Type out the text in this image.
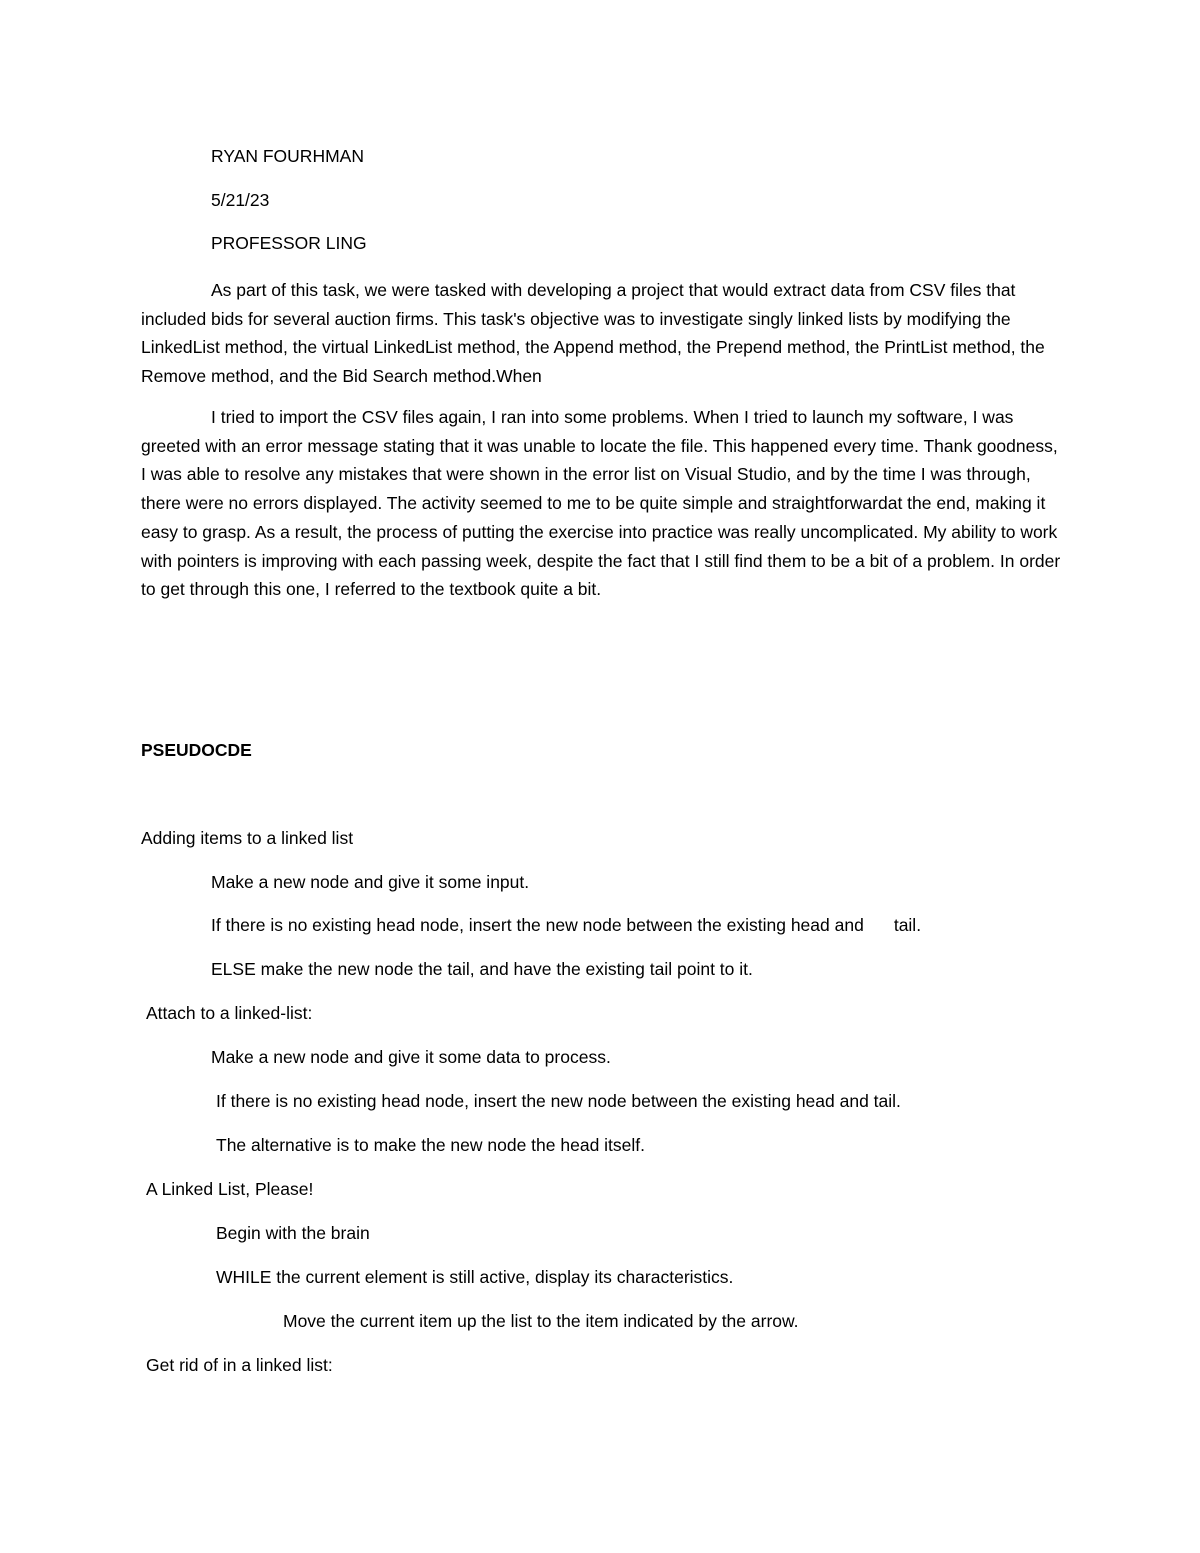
RYAN FOURHMAN
5/21/23
PROFESSOR LING

As part of this task, we were tasked with developing a project that would extract data from CSV files that included bids for several auction firms. This task's objective was to investigate singly linked lists by modifying the LinkedList method, the virtual LinkedList method, the Append method, the Prepend method, the PrintList method, the Remove method, and the Bid Search method.When

I tried to import the CSV files again, I ran into some problems. When I tried to launch my software, I was greeted with an error message stating that it was unable to locate the file. This happened every time. Thank goodness, I was able to resolve any mistakes that were shown in the error list on Visual Studio, and by the time I was through, there were no errors displayed. The activity seemed to me to be quite simple and straightforwardat the end, making it easy to grasp. As a result, the process of putting the exercise into practice was really uncomplicated. My ability to work with pointers is improving with each passing week, despite the fact that I still find them to be a bit of a problem. In order to get through this one, I referred to the textbook quite a bit.

PSEUDOCDE
Adding items to a linked list
Make a new node and give it some input.
If there is no existing head node, insert the new node between the existing head and tail.
ELSE make the new node the tail, and have the existing tail point to it.
Attach to a linked-list:
Make a new node and give it some data to process.
If there is no existing head node, insert the new node between the existing head and tail.
The alternative is to make the new node the head itself.
A Linked List, Please!
Begin with the brain
WHILE the current element is still active, display its characteristics.
Move the current item up the list to the item indicated by the arrow.
Get rid of in a linked list:
